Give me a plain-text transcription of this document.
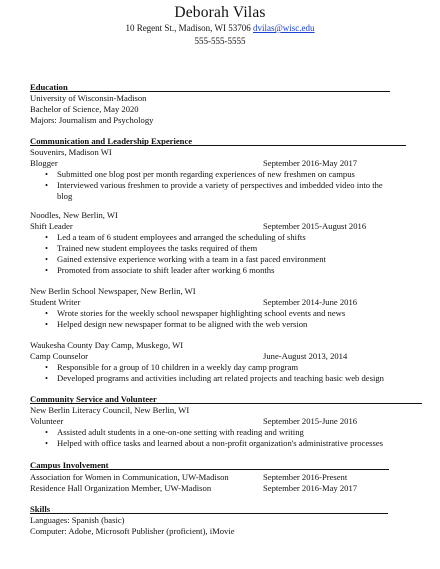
Deborah Vilas
10 Regent St., Madison, WI 53706 dvilas@wisc.edu
555-555-5555
Education
University of Wisconsin-Madison
Bachelor of Science, May 2020
Majors: Journalism and Psychology
Communication and Leadership Experience
Souvenirs, Madison WI
Blogger	September 2016-May 2017
• Submitted one blog post per month regarding experiences of new freshmen on campus
• Interviewed various freshmen to provide a variety of perspectives and imbedded video into the
blog
Noodles, New Berlin, WI
Shift Leader	September 2015-August 2016
• Led a team of 6 student employees and arranged the scheduling of shifts
• Trained new student employees the tasks required of them
• Gained extensive experience working with a team in a fast paced environment
• Promoted from associate to shift leader after working 6 months
New Berlin School Newspaper, New Berlin, WI
Student Writer	September 2014-June 2016
• Wrote stories for the weekly school newspaper highlighting school events and news
• Helped design new newspaper format to be aligned with the web version
Waukesha County Day Camp, Muskego, WI
Camp Counselor	June-August 2013, 2014
• Responsible for a group of 10 children in a weekly day camp program
• Developed programs and activities including art related projects and teaching basic web design
Community Service and Volunteer
New Berlin Literacy Council, New Berlin, WI
Volunteer	September 2015-June 2016
• Assisted adult students in a one-on-one setting with reading and writing
• Helped with office tasks and learned about a non-profit organization's administrative processes
Campus Involvement
Association for Women in Communication, UW-Madison	September 2016-Present
Residence Hall Organization Member, UW-Madison	September 2016-May 2017
Skills
Languages: Spanish (basic)
Computer: Adobe, Microsoft Publisher (proficient), iMovie
